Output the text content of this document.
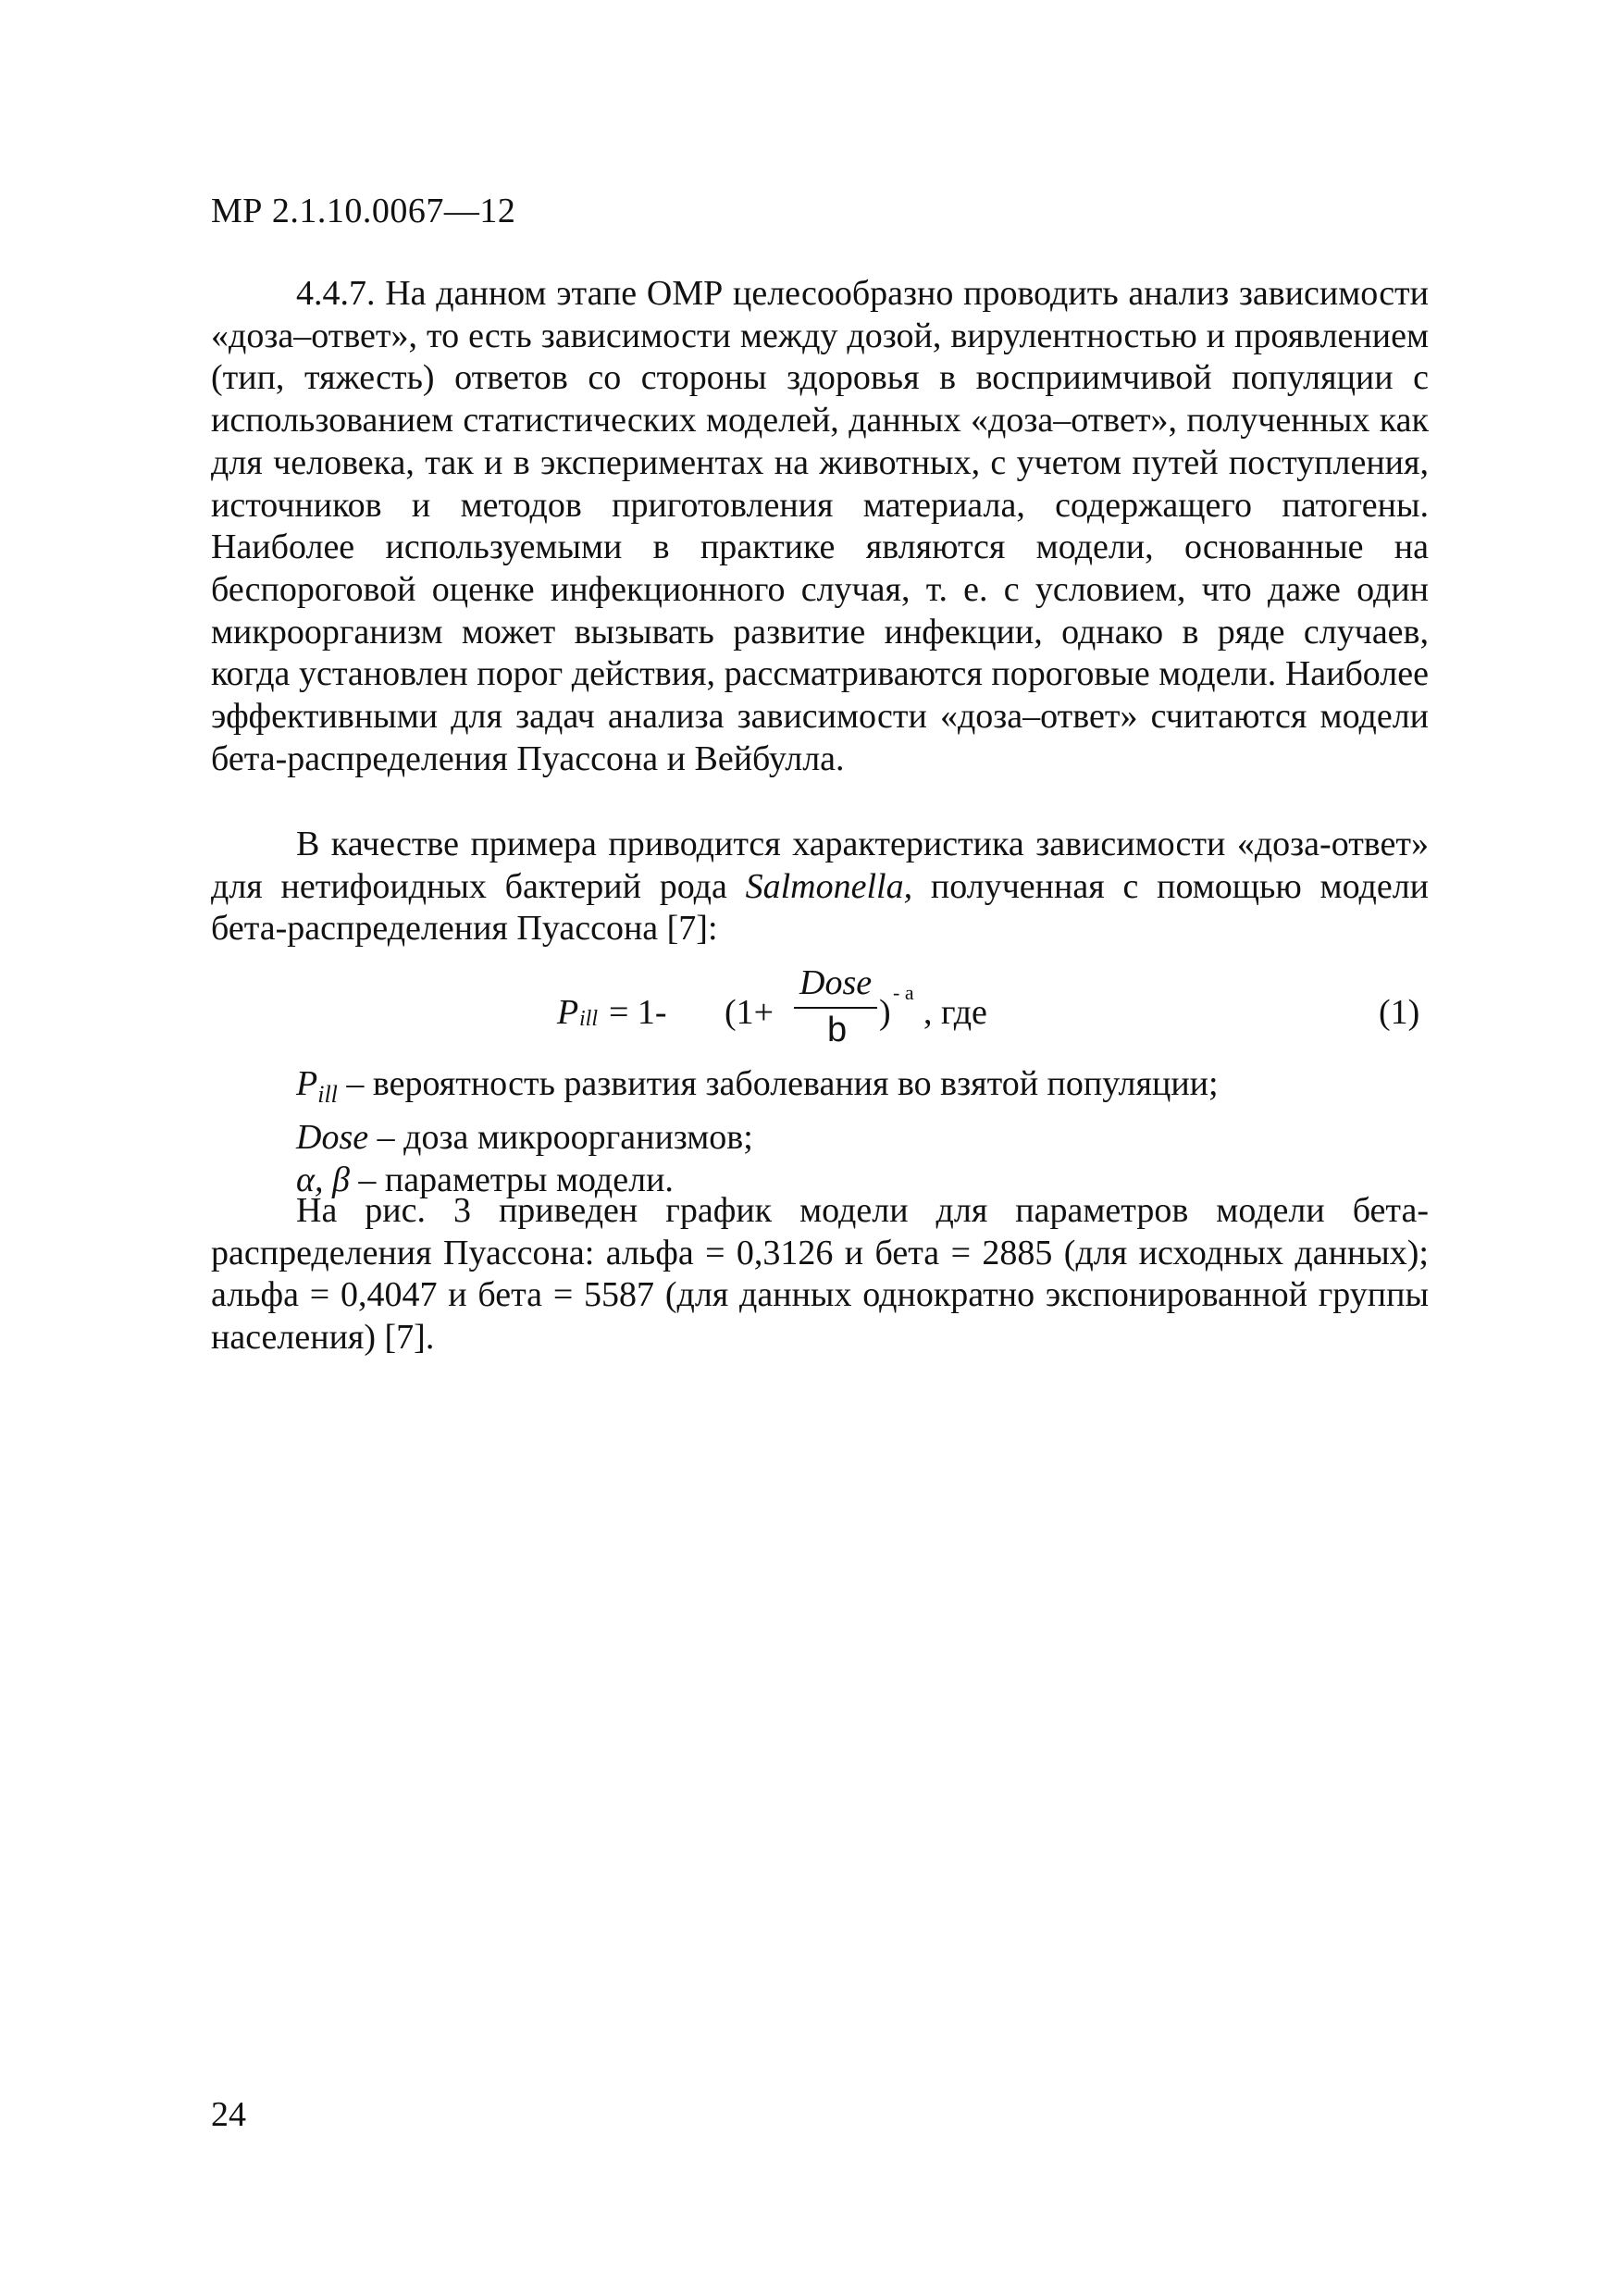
МР 2.1.10.0067—12

4.4.7. На данном этапе ОМР целесообразно проводить анализ зависимости «доза–ответ», то есть зависимости между дозой, вирулентностью и проявлением (тип, тяжесть) ответов со стороны здоровья в восприимчивой популяции с использованием статистических моделей, данных «доза–ответ», полученных как для человека, так и в экспериментах на животных, с учетом путей поступления, источников и методов приготовления материала, содержащего патогены. Наиболее используемыми в практике являются модели, основанные на беспороговой оценке инфекционного случая, т. е. с условием, что даже один микроорганизм может вызывать развитие инфекции, однако в ряде случаев, когда установлен порог действия, рассматриваются пороговые модели. Наиболее эффективными для задач анализа зависимости «доза–ответ» считаются модели бета-распределения Пуассона и Вейбулла.

В качестве примера приводится характеристика зависимости «доза-ответ» для нетифоидных бактерий рода Salmonella, полученная с помощью модели бета-распределения Пуассона [7]:

P ill = 1- (1+
Dose
b )
- a
, где	(1)
$P_{ill}$ – вероятность развития заболевания во взятой популяции;
Dose – доза микроорганизмов;
α, β – параметры модели.

На рис. 3 приведен график модели для параметров модели бета-распределения Пуассона: альфа = 0,3126 и бета = 2885 (для исходных данных); альфа = 0,4047 и бета = 5587 (для данных однократно экспонированной группы населения) [7].

24
